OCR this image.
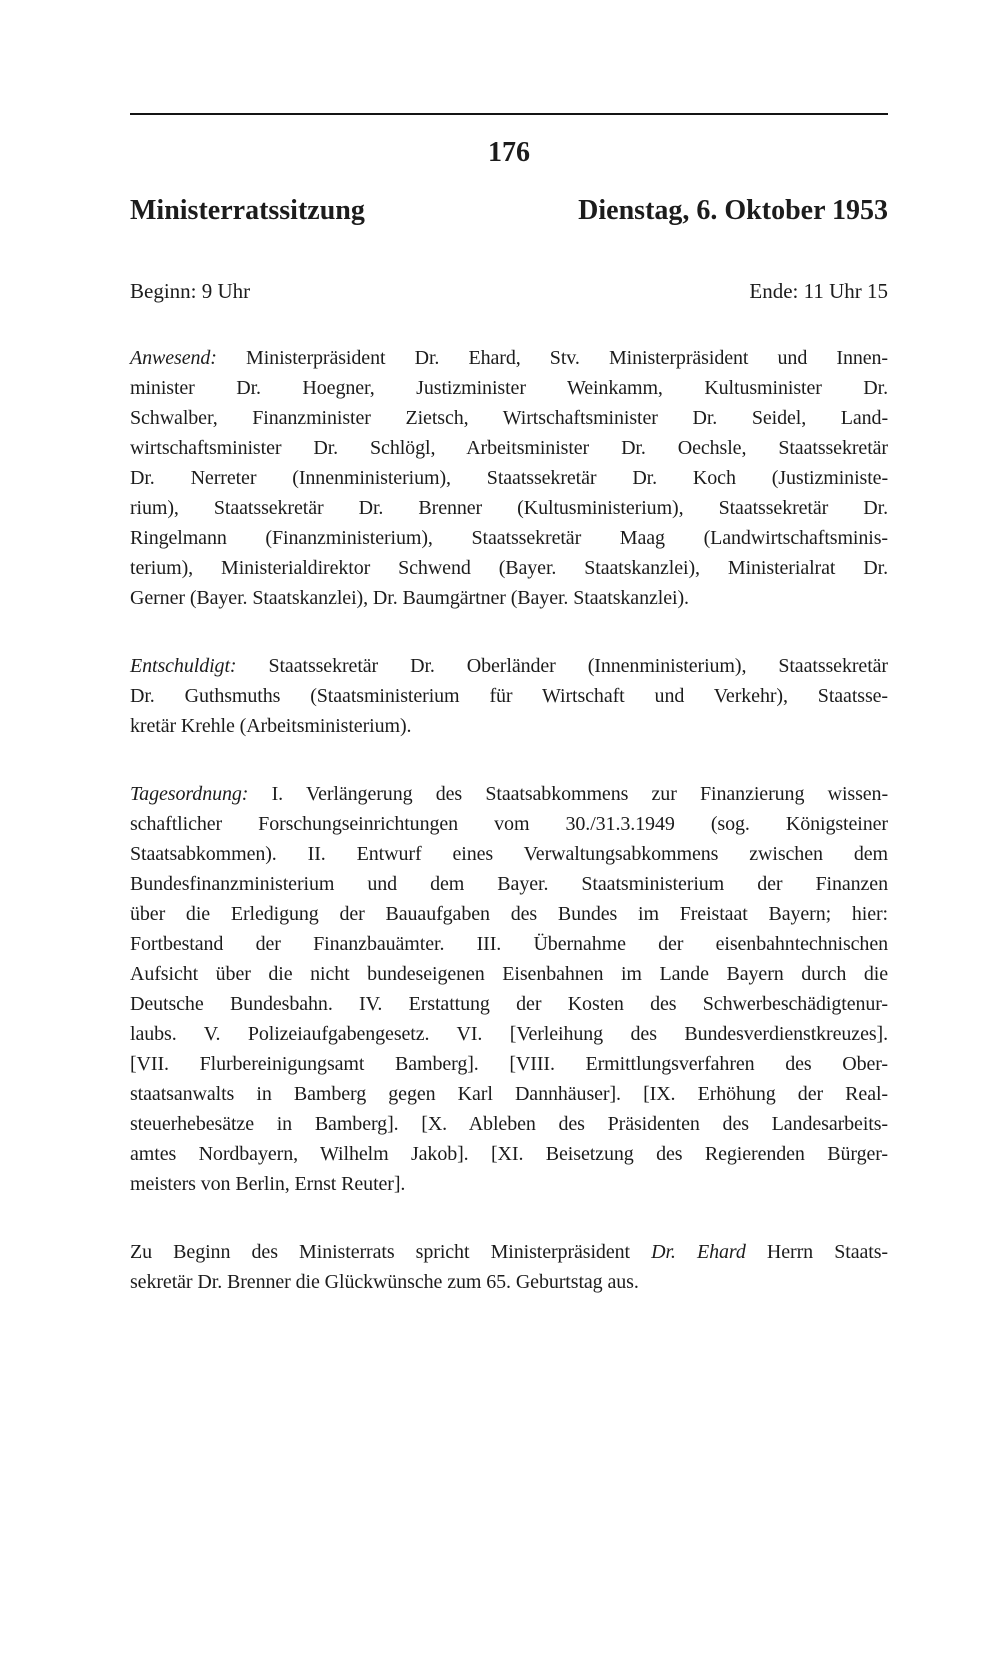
176
Ministerratssitzung	Dienstag, 6. Oktober 1953
Beginn: 9 Uhr	Ende: 11 Uhr 15
Anwesend: Ministerpräsident Dr. Ehard, Stv. Ministerpräsident und Innen-
minister Dr. Hoegner, Justizminister Weinkamm, Kultusminister Dr.
Schwalber, Finanzminister Zietsch, Wirtschaftsminister Dr. Seidel, Land-
wirtschaftsminister Dr. Schlögl, Arbeitsminister Dr. Oechsle, Staatssekretär
Dr. Nerreter (Innenministerium), Staatssekretär Dr. Koch (Justizministe-
rium), Staatssekretär Dr. Brenner (Kultusministerium), Staatssekretär Dr.
Ringelmann (Finanzministerium), Staatssekretär Maag (Landwirtschaftsminis-
terium), Ministerialdirektor Schwend (Bayer. Staatskanzlei), Ministerialrat Dr.
Gerner (Bayer. Staatskanzlei), Dr. Baumgärtner (Bayer. Staatskanzlei).
Entschuldigt: Staatssekretär Dr. Oberländer (Innenministerium), Staatssekretär
Dr. Guthsmuths (Staatsministerium für Wirtschaft und Verkehr), Staatsse-
kretär Krehle (Arbeitsministerium).
Tagesordnung: I. Verlängerung des Staatsabkommens zur Finanzierung wissen-
schaftlicher Forschungseinrichtungen vom 30./31.3.1949 (sog. Königsteiner
Staatsabkommen). II. Entwurf eines Verwaltungsabkommens zwischen dem
Bundesfinanzministerium und dem Bayer. Staatsministerium der Finanzen
über die Erledigung der Bauaufgaben des Bundes im Freistaat Bayern; hier:
Fortbestand der Finanzbauämter. III. Übernahme der eisenbahntechnischen
Aufsicht über die nicht bundeseigenen Eisenbahnen im Lande Bayern durch die
Deutsche Bundesbahn. IV. Erstattung der Kosten des Schwerbeschädigtenur-
laubs. V. Polizeiaufgabengesetz. VI. [Verleihung des Bundesverdienstkreuzes].
[VII. Flurbereinigungsamt Bamberg]. [VIII. Ermittlungsverfahren des Ober-
staatsanwalts in Bamberg gegen Karl Dannhäuser]. [IX. Erhöhung der Real-
steuerhebesätze in Bamberg]. [X. Ableben des Präsidenten des Landesarbeits-
amtes Nordbayern, Wilhelm Jakob]. [XI. Beisetzung des Regierenden Bürger-
meisters von Berlin, Ernst Reuter].
Zu Beginn des Ministerrats spricht Ministerpräsident Dr. Ehard Herrn Staats-
sekretär Dr. Brenner die Glückwünsche zum 65. Geburtstag aus.
